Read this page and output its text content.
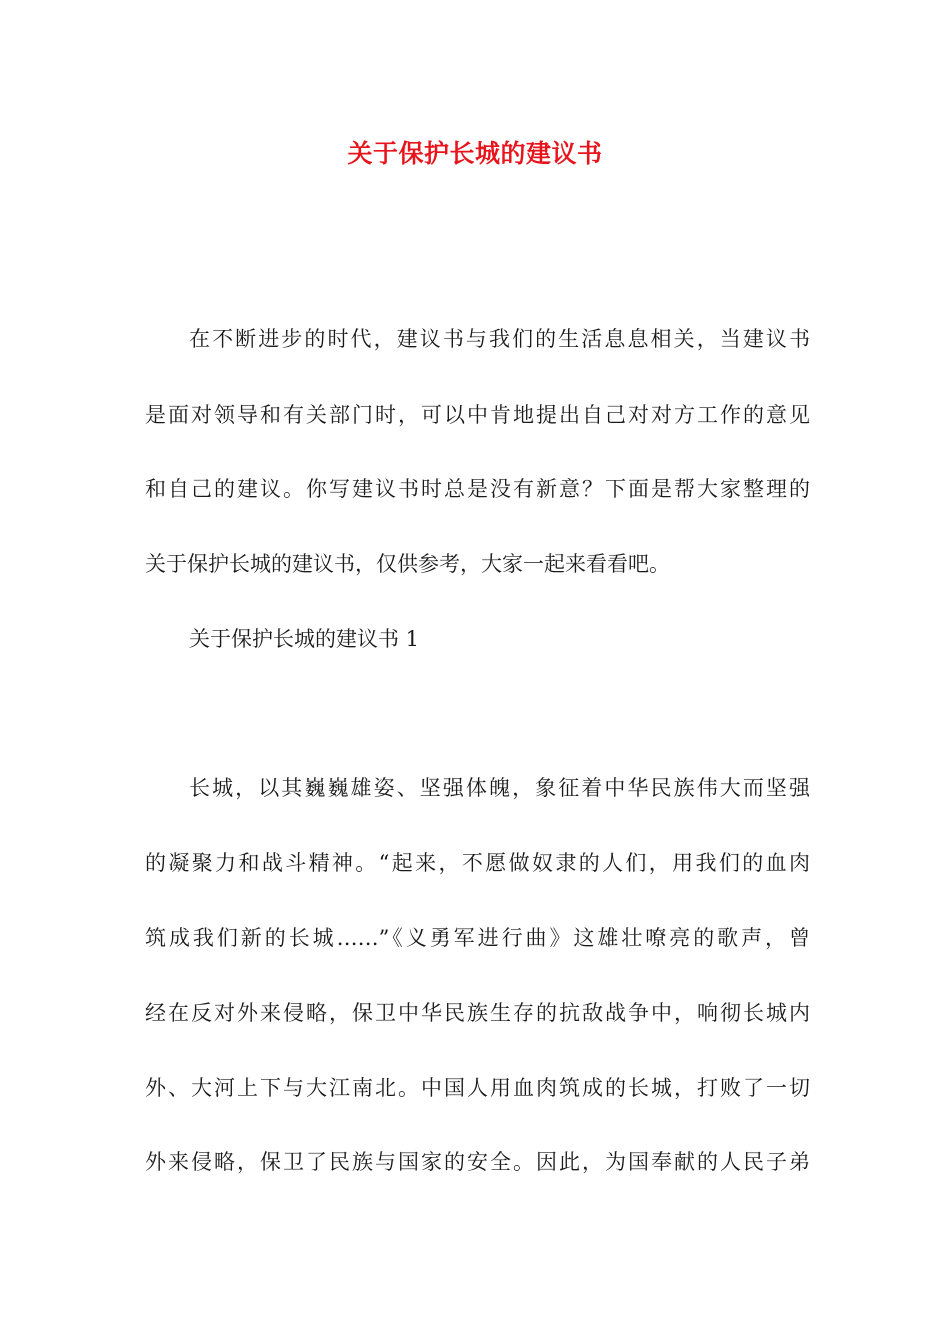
关于保护长城的建议书
在不断进步的时代，建议书与我们的生活息息相关，当建议书
是面对领导和有关部门时，可以中肯地提出自己对对方工作的意见
和自己的建议。你写建议书时总是没有新意？下面是帮大家整理的
关于保护长城的建议书，仅供参考，大家一起来看看吧。
关于保护长城的建议书 1
长城，以其巍巍雄姿、坚强体魄，象征着中华民族伟大而坚强
的凝聚力和战斗精神。“起来，不愿做奴隶的人们，用我们的血肉
筑成我们新的长城……”《义勇军进行曲》这雄壮嘹亮的歌声，曾
经在反对外来侵略，保卫中华民族生存的抗敌战争中，响彻长城内
外、大河上下与大江南北。中国人用血肉筑成的长城，打败了一切
外来侵略，保卫了民族与国家的安全。因此，为国奉献的人民子弟
